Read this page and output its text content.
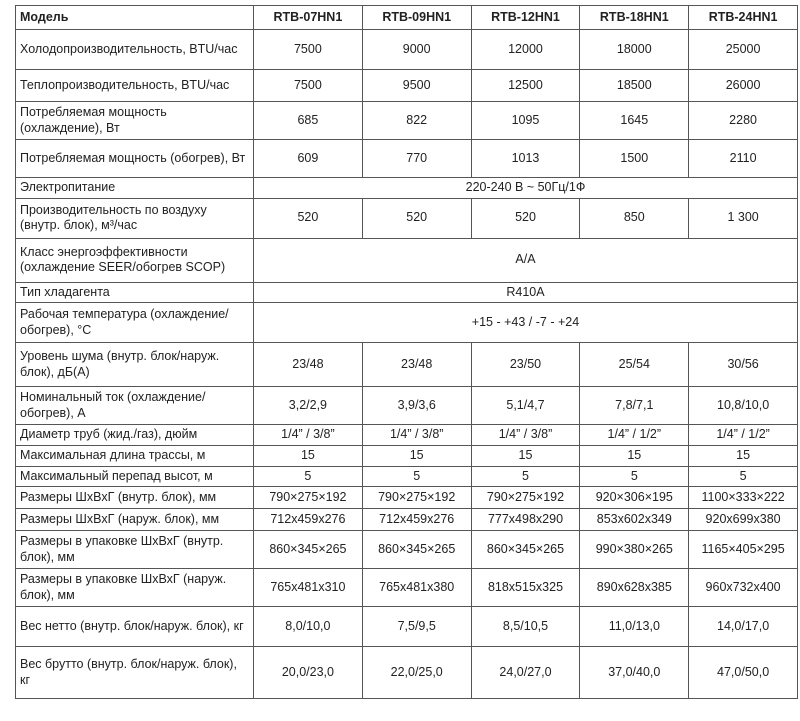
Модель	RTB-07HN1	RTB-09HN1	RTB-12HN1	RTB-18HN1	RTB-24HN1
Холодопроизводительность, BTU/час	7500	9000	12000	18000	25000
Теплопроизводительность, BTU/час	7500	9500	12500	18500	26000
Потребляемая мощность (охлаждение), Вт	685	822	1095	1645	2280
Потребляемая мощность (обогрев), Вт	609	770	1013	1500	2110
Электропитание	220-240 В ~ 50Гц/1Ф				
Производительность по воздуху (внутр. блок), м³/час	520	520	520	850	1 300
Класс энергоэффективности (охлаждение SEER/обогрев SCOP)	A/A				
Тип хладагента	R410A				
Рабочая температура (охлаждение/обогрев), °C	+15 - +43 / -7 - +24				
Уровень шума (внутр. блок/наруж. блок), дБ(А)	23/48	23/48	23/50	25/54	30/56
Номинальный ток (охлаждение/обогрев), А	3,2/2,9	3,9/3,6	5,1/4,7	7,8/7,1	10,8/10,0
Диаметр труб (жид./газ), дюйм	1/4” / 3/8”	1/4” / 3/8”	1/4” / 3/8”	1/4” / 1/2”	1/4” / 1/2”
Максимальная длина трассы, м	15	15	15	15	15
Максимальный перепад высот, м	5	5	5	5	5
Размеры ШхВхГ (внутр. блок), мм	790×275×192	790×275×192	790×275×192	920×306×195	1100×333×222
Размеры ШхВхГ (наруж. блок), мм	712x459x276	712x459x276	777x498x290	853x602x349	920x699x380
Размеры в упаковке ШхВхГ (внутр. блок), мм	860×345×265	860×345×265	860×345×265	990×380×265	1165×405×295
Размеры в упаковке ШхВхГ (наруж. блок), мм	765x481x310	765x481x380	818x515x325	890x628x385	960x732x400
Вес нетто (внутр. блок/наруж. блок), кг	8,0/10,0	7,5/9,5	8,5/10,5	11,0/13,0	14,0/17,0
Вес брутто (внутр. блок/наруж. блок), кг	20,0/23,0	22,0/25,0	24,0/27,0	37,0/40,0	47,0/50,0
